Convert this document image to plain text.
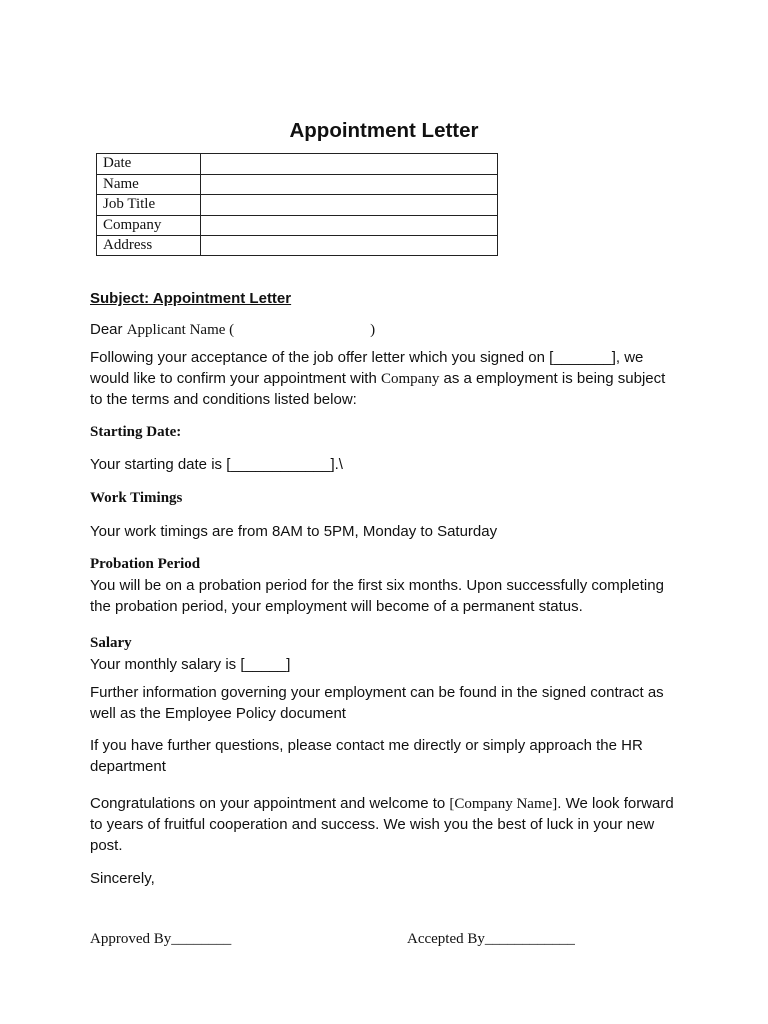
Appointment Letter
Date
Name
Job Title
Company
Address
Subject: Appointment Letter
Dear Applicant Name (	)
Following your acceptance of the job offer letter which you signed on [_______], we
would like to confirm your appointment with Company as a employment is being subject
to the terms and conditions listed below:
Starting Date:
Your starting date is [____________].\
Work Timings
Your work timings are from 8AM to 5PM, Monday to Saturday
Probation Period
You will be on a probation period for the first six months. Upon successfully completing
the probation period, your employment will become of a permanent status.
Salary
Your monthly salary is [_____]
Further information governing your employment can be found in the signed contract as
well as the Employee Policy document
If you have further questions, please contact me directly or simply approach the HR
department
Congratulations on your appointment and welcome to [Company Name]. We look forward
to years of fruitful cooperation and success. We wish you the best of luck in your new
post.
Sincerely,
Approved By________	Accepted By____________
